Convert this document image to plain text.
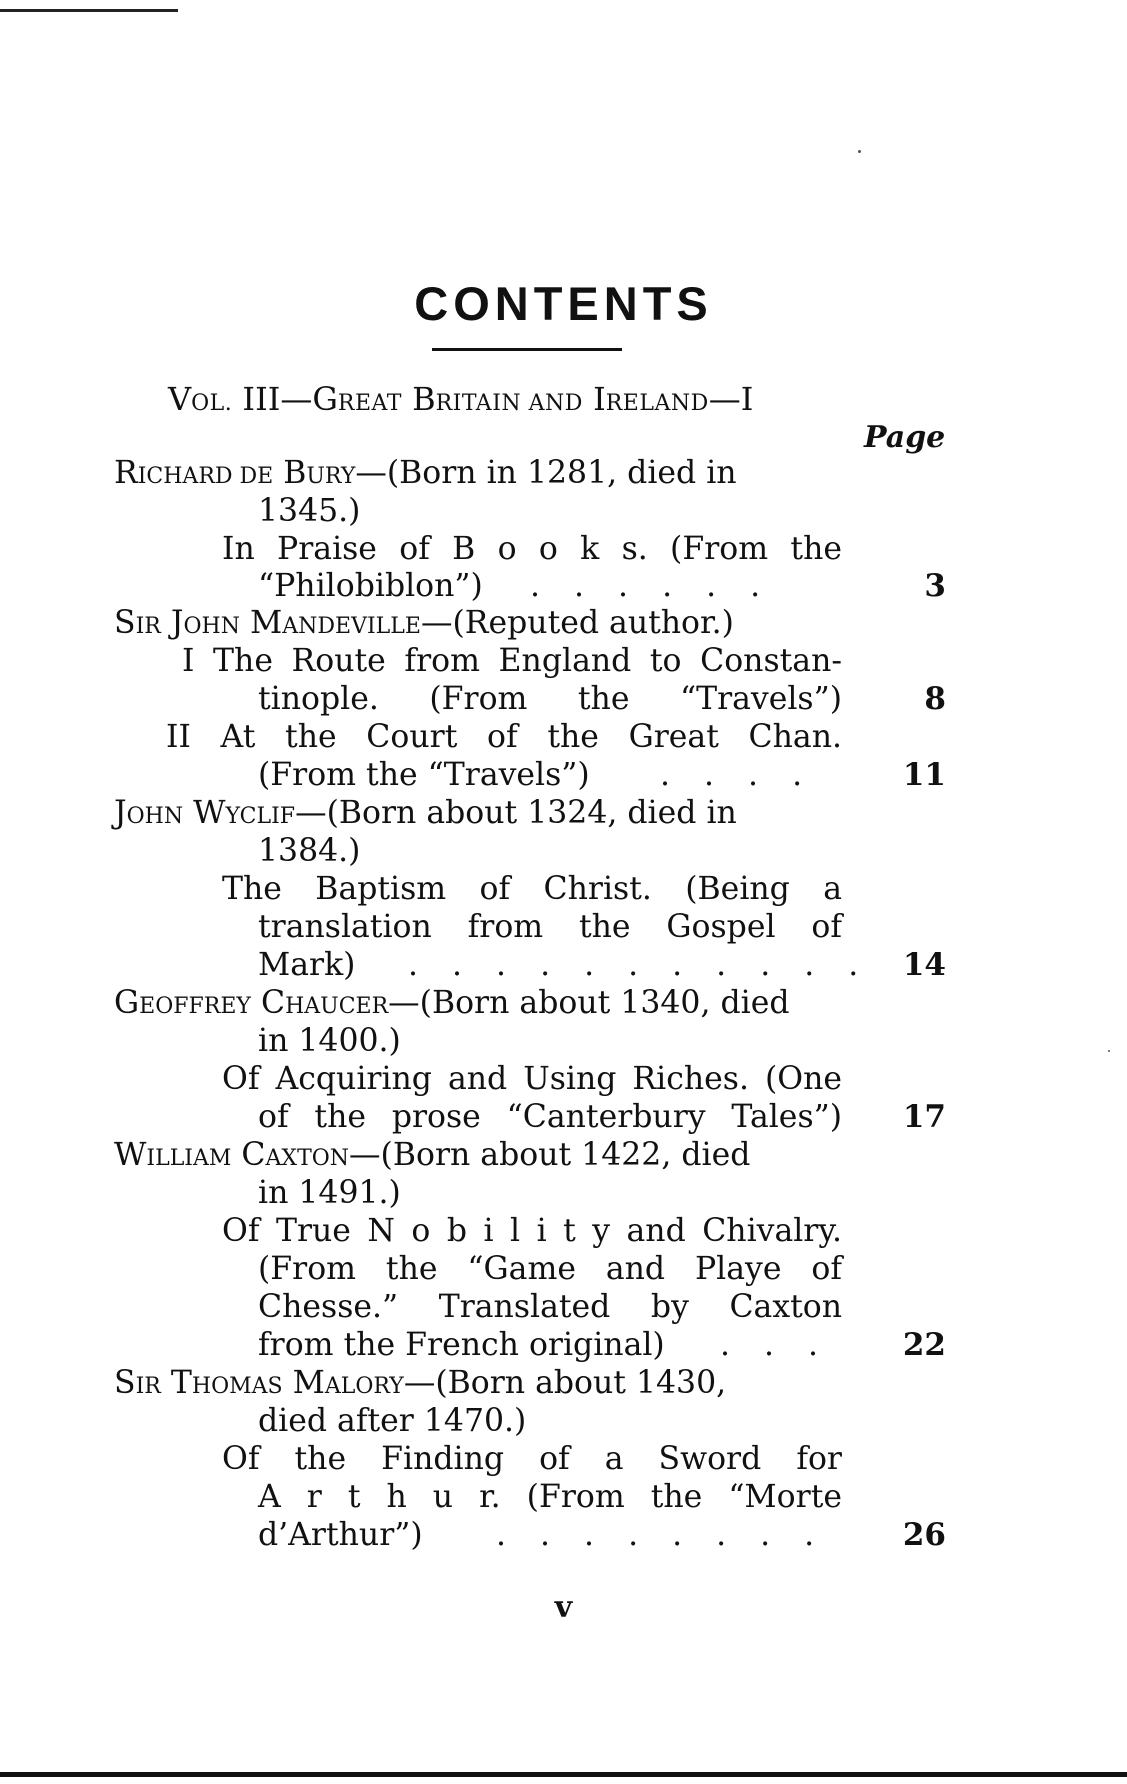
CONTENTS
VOL. III—GREAT BRITAIN AND IRELAND—I
Page
RICHARD DE BURY—(Born in 1281, died in
1345.)
In Praise of B o o k s. (From the
“Philobiblon”) . . . . . .	3
SIR JOHN MANDEVILLE—(Reputed author.)
I The Route from England to Constan-
tinople. (From the “Travels”)	8
II At the Court of the Great Chan.
(From the “Travels”) . . . .	11
JOHN WYCLIF—(Born about 1324, died in
1384.)
The Baptism of Christ. (Being a
translation from the Gospel of
Mark) . . . . . . . . . . . 14
GEOFFREY CHAUCER—(Born about 1340, died
in 1400.)
Of Acquiring and Using Riches. (One
of the prose “Canterbury Tales”) 17
WILLIAM CAXTON—(Born about 1422, died
in 1491.)
Of True N o b i l i t y and Chivalry.
(From the “Game and Playe of
Chesse.” Translated by Caxton
from the French original) . . . 22
SIR THOMAS MALORY—(Born about 1430,
died after 1470.)
Of the Finding of a Sword for
A r t h u r. (From the “Morte
d’Arthur”) . . . . . . . . 26
v
